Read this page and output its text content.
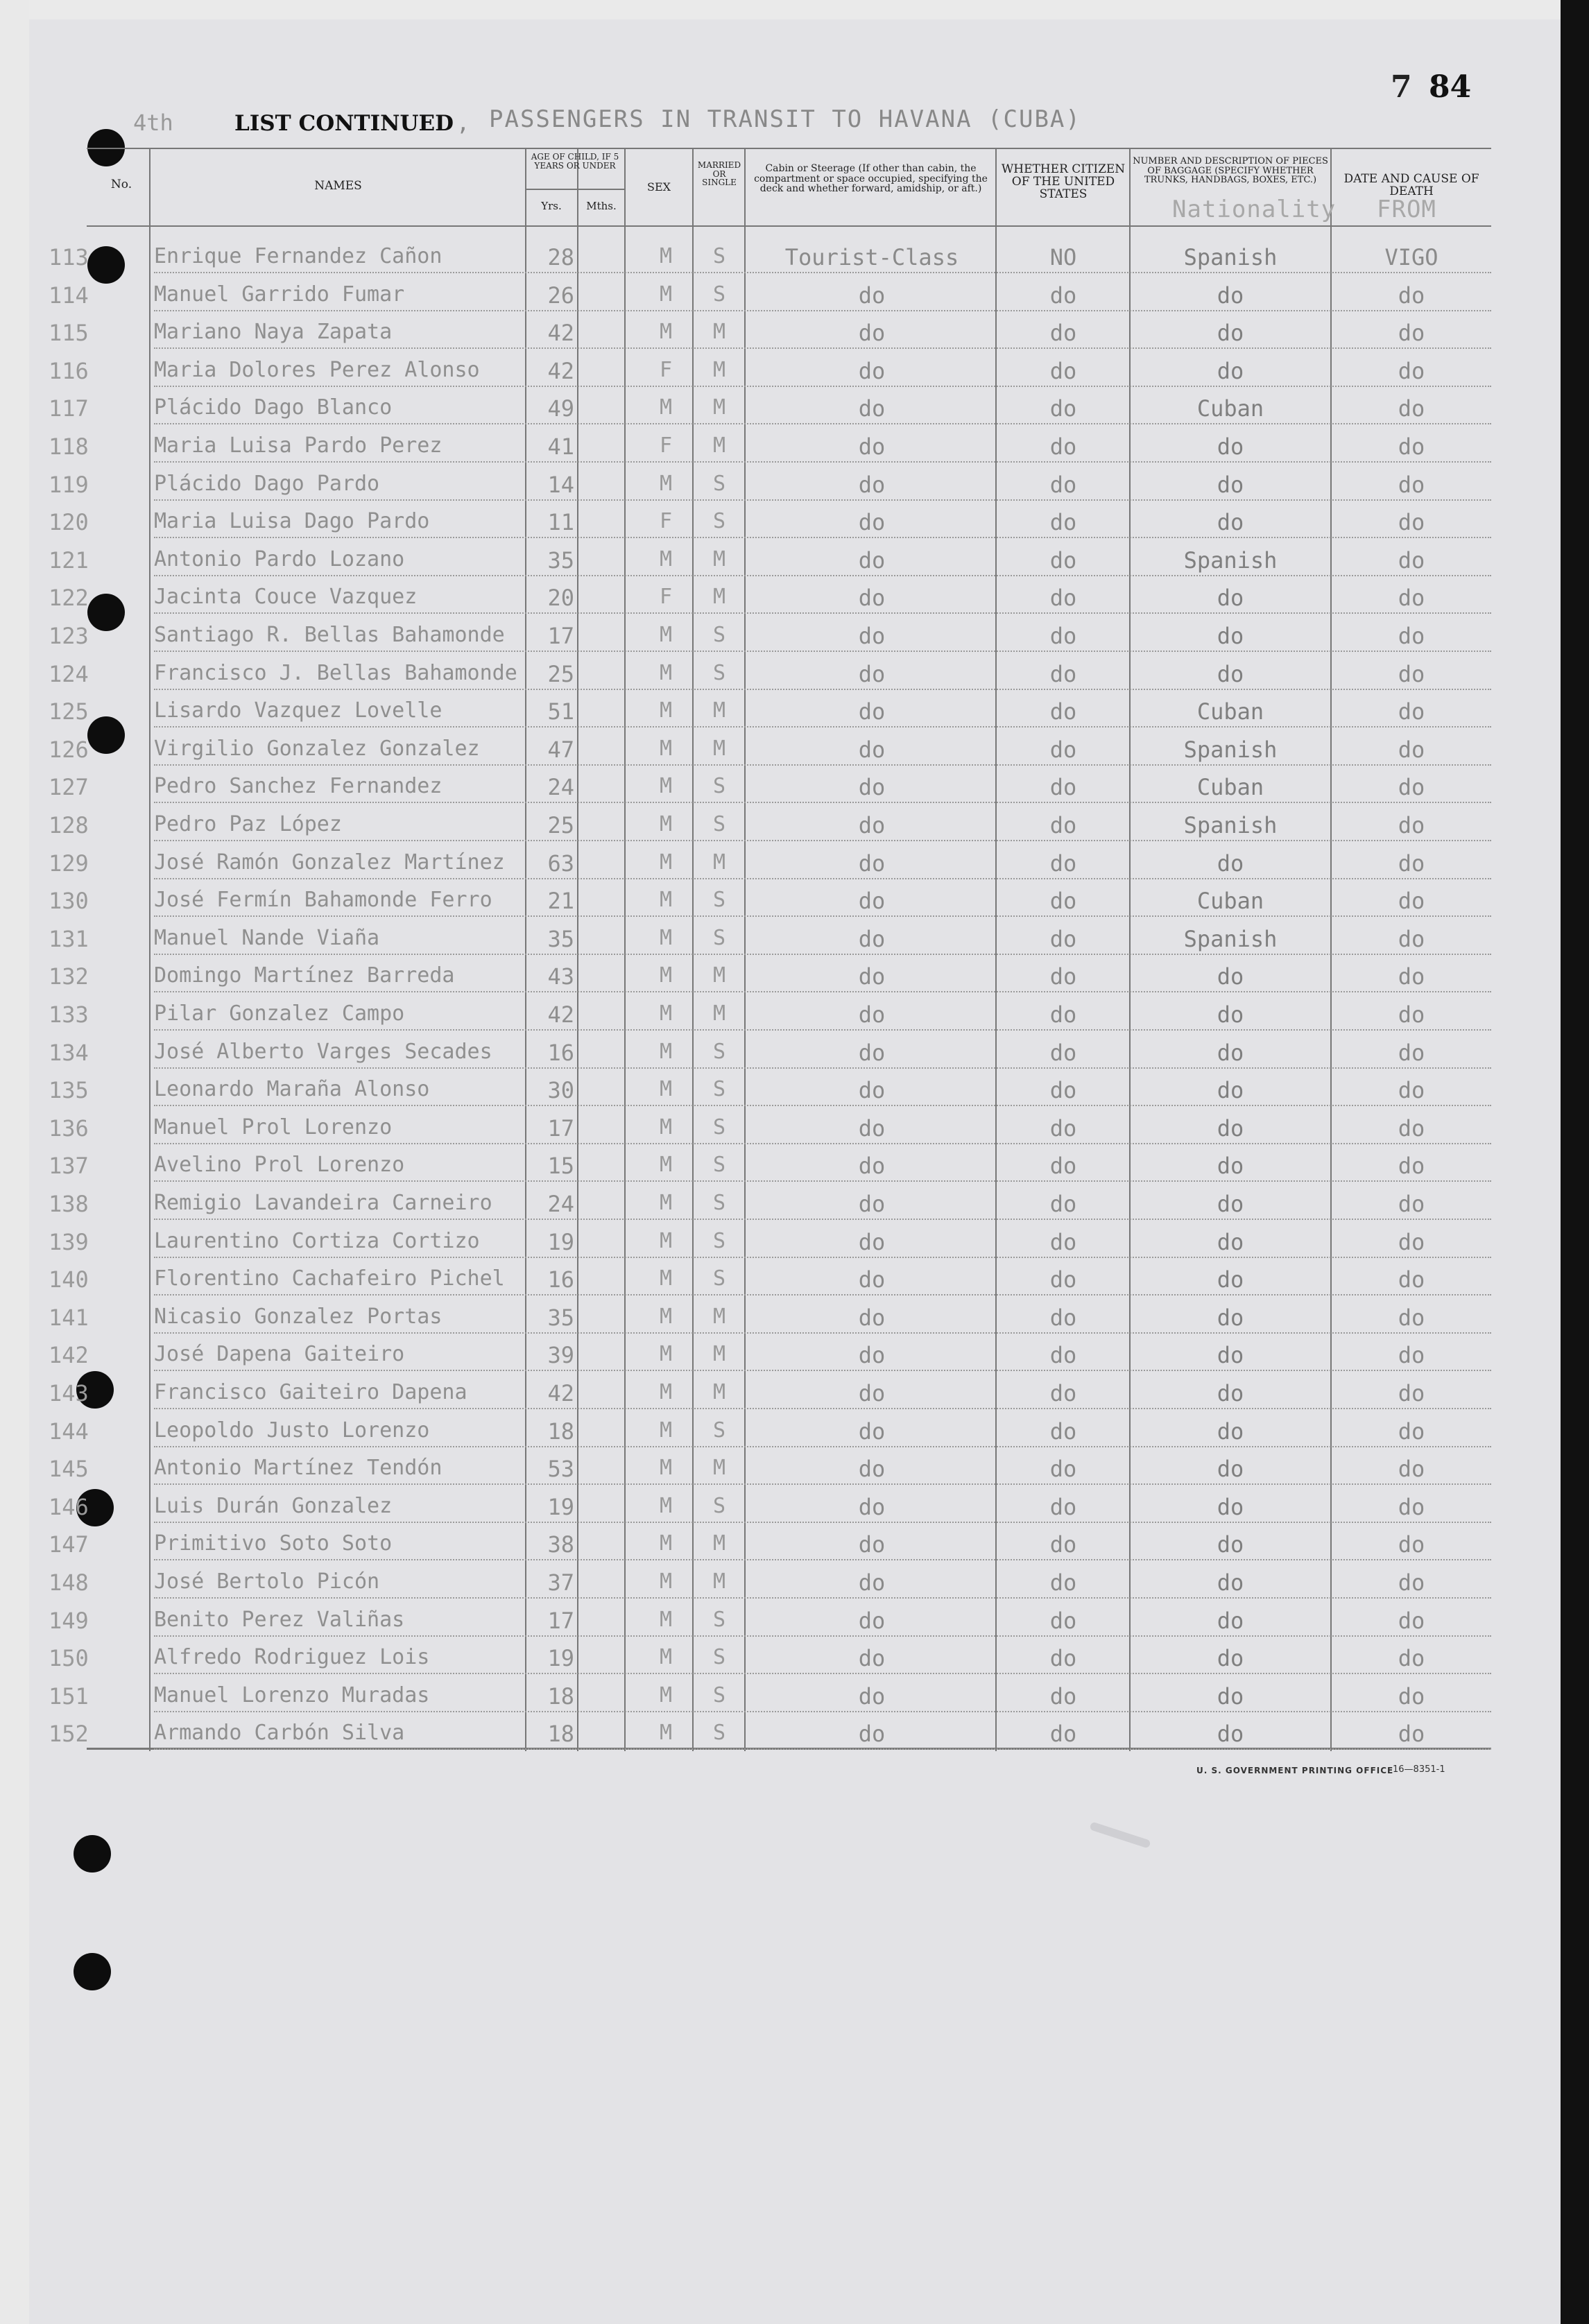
7 84
4th	LIST CONTINUED , PASSENGERS IN TRANSIT TO HAVANA (CUBA)
No.	NAMES
AGE OF CHILD, IF 5 YEARS OR UNDER
Yrs.	Mths.
SEX
MARRIED OR SINGLE
Cabin or Steerage (If other than cabin, the compartment or space occupied, specifying the deck and whether forward, amidship, or aft.)
WHETHER CITIZEN OF THE UNITED STATES
NUMBER AND DESCRIPTION OF PIECES OF BAGGAGE (SPECIFY WHETHER TRUNKS, HANDBAGS, BOXES, ETC.)	DATE AND CAUSE OF DEATH
Nationality FROM
113	Enrique Fernandez Cañon	28	M	S	Tourist-Class	NO	Spanish	VIGO
114	Manuel Garrido Fumar	26	M	S	do	do	do	do
115	Mariano Naya Zapata	42	M	M	do	do	do	do
116	Maria Dolores Perez Alonso	42	F	M	do	do	do	do
117	Plácido Dago Blanco	49	M	M	do	do	Cuban	do
118	Maria Luisa Pardo Perez	41	F	M	do	do	do	do
119	Plácido Dago Pardo	14	M	S	do	do	do	do
120	Maria Luisa Dago Pardo	11	F	S	do	do	do	do
121	Antonio Pardo Lozano	35	M	M	do	do	Spanish	do
122	Jacinta Couce Vazquez	20	F	M	do	do	do	do
123	Santiago R. Bellas Bahamonde	17	M	S	do	do	do	do
124	Francisco J. Bellas Bahamonde	25	M	S	do	do	do	do
125	Lisardo Vazquez Lovelle	51	M	M	do	do	Cuban	do
126	Virgilio Gonzalez Gonzalez	47	M	M	do	do	Spanish	do
127	Pedro Sanchez Fernandez	24	M	S	do	do	Cuban	do
128	Pedro Paz López	25	M	S	do	do	Spanish	do
129	José Ramón Gonzalez Martínez	63	M	M	do	do	do	do
130	José Fermín Bahamonde Ferro	21	M	S	do	do	Cuban	do
131	Manuel Nande Viaña	35	M	S	do	do	Spanish	do
132	Domingo Martínez Barreda	43	M	M	do	do	do	do
133	Pilar Gonzalez Campo	42	M	M	do	do	do	do
134	José Alberto Varges Secades	16	M	S	do	do	do	do
135	Leonardo Maraña Alonso	30	M	S	do	do	do	do
136	Manuel Prol Lorenzo	17	M	S	do	do	do	do
137	Avelino Prol Lorenzo	15	M	S	do	do	do	do
138	Remigio Lavandeira Carneiro	24	M	S	do	do	do	do
139	Laurentino Cortiza Cortizo	19	M	S	do	do	do	do
140	Florentino Cachafeiro Pichel	16	M	S	do	do	do	do
141	Nicasio Gonzalez Portas	35	M	M	do	do	do	do
142	José Dapena Gaiteiro	39	M	M	do	do	do	do
143	Francisco Gaiteiro Dapena	42	M	M	do	do	do	do
144	Leopoldo Justo Lorenzo	18	M	S	do	do	do	do
145	Antonio Martínez Tendón	53	M	M	do	do	do	do
146	Luis Durán Gonzalez	19	M	S	do	do	do	do
147	Primitivo Soto Soto	38	M	M	do	do	do	do
148	José Bertolo Picón	37	M	M	do	do	do	do
149	Benito Perez Valiñas	17	M	S	do	do	do	do
150	Alfredo Rodriguez Lois	19	M	S	do	do	do	do
151	Manuel Lorenzo Muradas	18	M	S	do	do	do	do
152	Armando Carbón Silva	18	M	S	do	do	do	do
U. S. GOVERNMENT PRINTING OFFICE
16—8351-1
